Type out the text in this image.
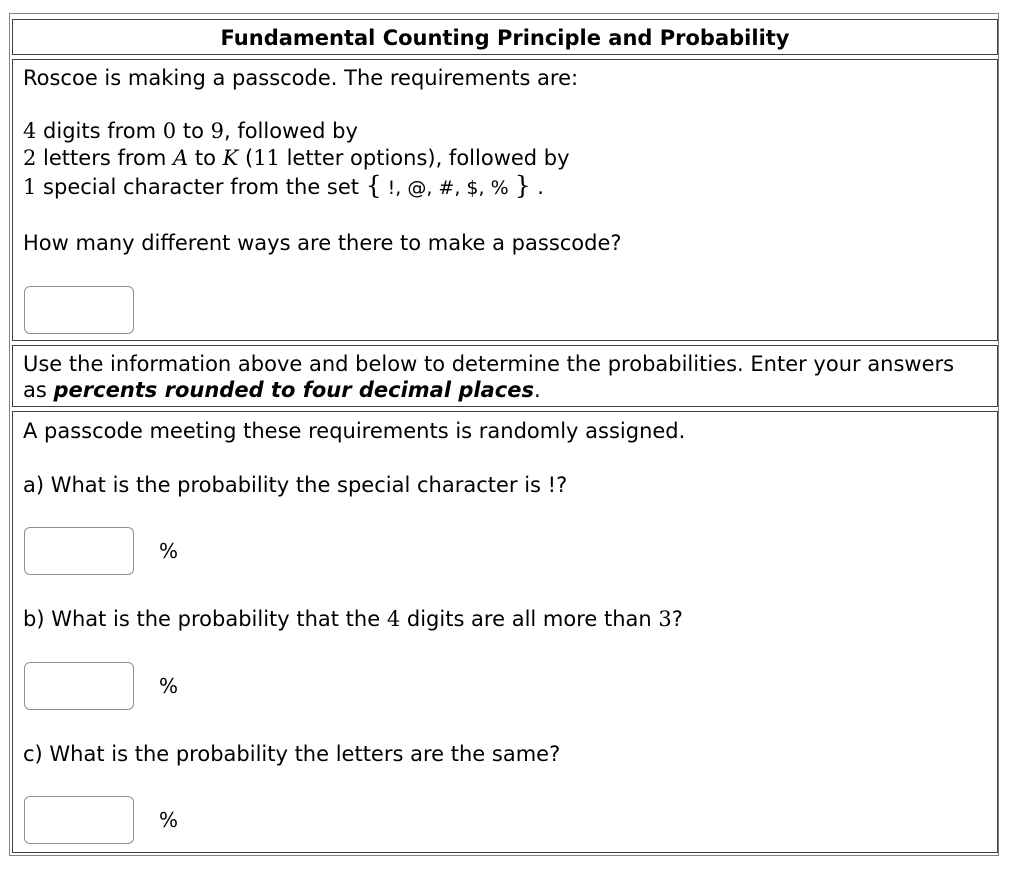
Fundamental Counting Principle and Probability
Roscoe is making a passcode. The requirements are:
4 digits from 0 to 9, followed by
2 letters from A to K (11 letter options), followed by
1 special character from the set { !, @, #, $, % } .
How many different ways are there to make a passcode?
Use the information above and below to determine the probabilities. Enter your answers
as percents rounded to four decimal places.
A passcode meeting these requirements is randomly assigned.
a) What is the probability the special character is !?
%
b) What is the probability that the 4 digits are all more than 3?
%
c) What is the probability the letters are the same?
%
